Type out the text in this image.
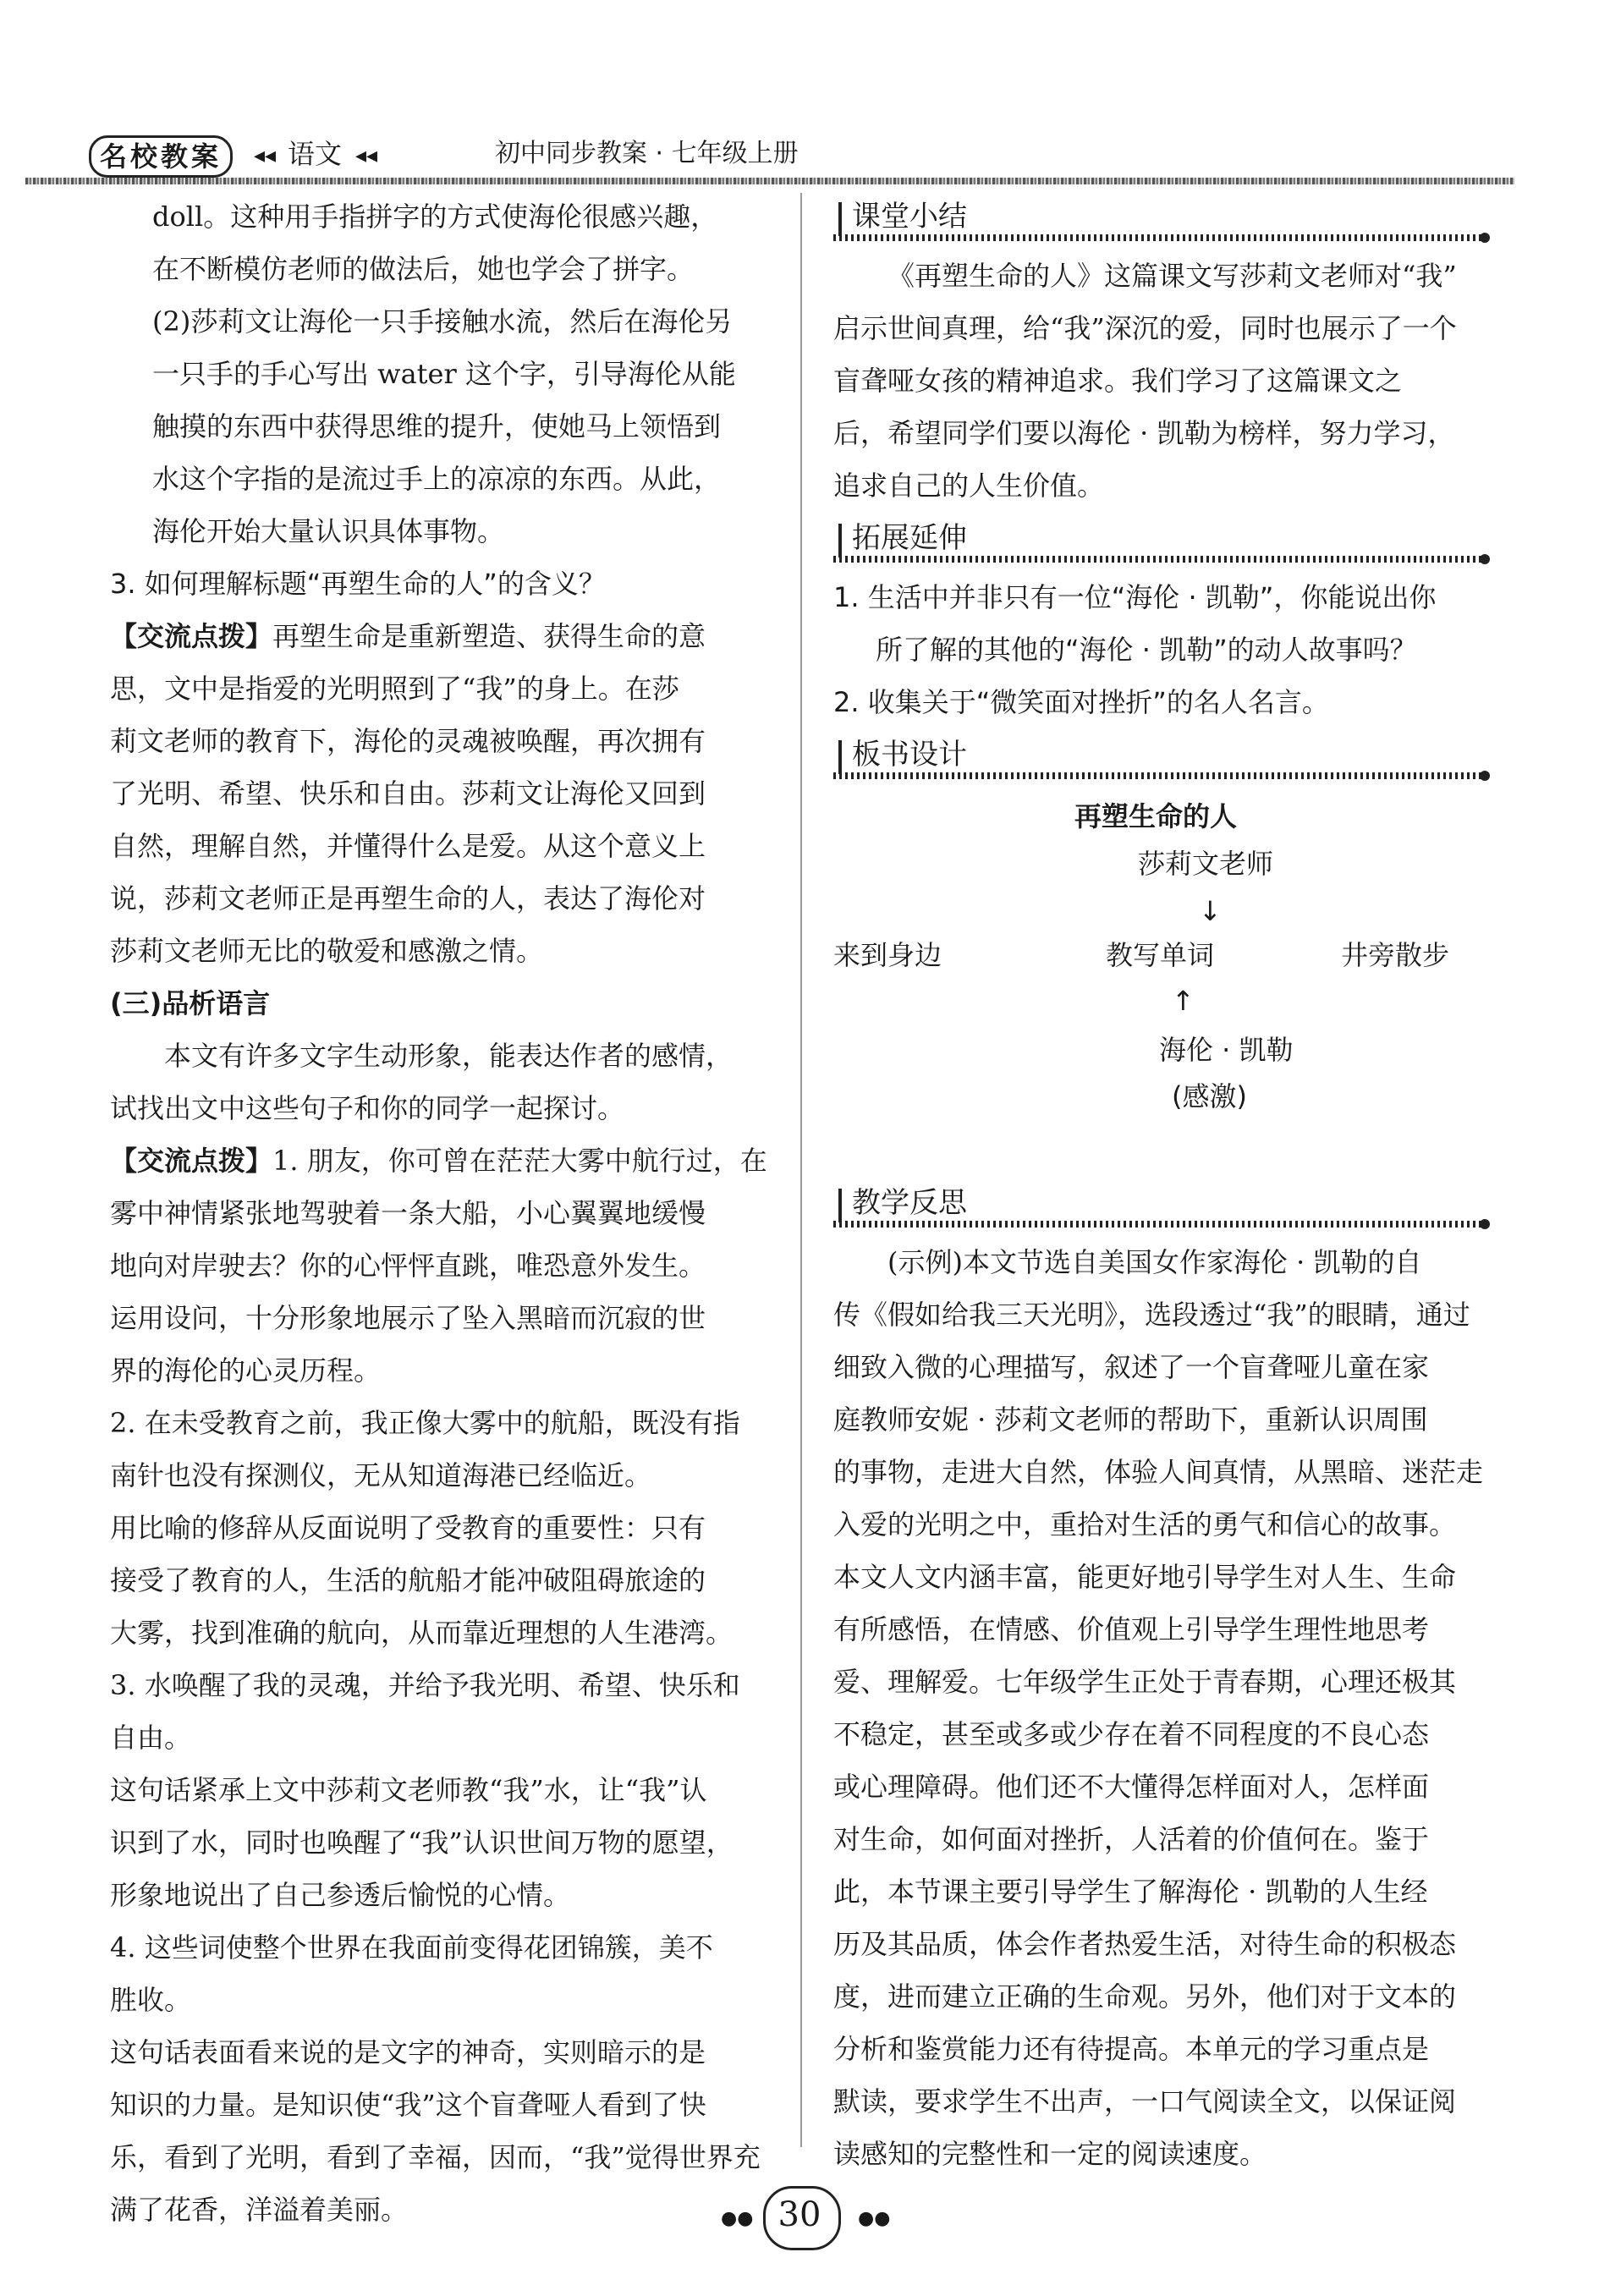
名校教案	◂◂ 语文 ◂◂	初中同步教案 · 七年级上册

doll。这种用手指拼字的方式使海伦很感兴趣，

在不断模仿老师的做法后，她也学会了拼字。

(2)莎莉文让海伦一只手接触水流，然后在海伦另

一只手的手心写出 water 这个字，引导海伦从能

触摸的东西中获得思维的提升，使她马上领悟到

水这个字指的是流过手上的凉凉的东西。从此，

海伦开始大量认识具体事物。

3. 如何理解标题“再塑生命的人”的含义？

【交流点拨】再塑生命是重新塑造、获得生命的意

思，文中是指爱的光明照到了“我”的身上。在莎

莉文老师的教育下，海伦的灵魂被唤醒，再次拥有

了光明、希望、快乐和自由。莎莉文让海伦又回到

自然，理解自然，并懂得什么是爱。从这个意义上

说，莎莉文老师正是再塑生命的人，表达了海伦对

莎莉文老师无比的敬爱和感激之情。

(三)品析语言

本文有许多文字生动形象，能表达作者的感情，

试找出文中这些句子和你的同学一起探讨。

【交流点拨】1. 朋友，你可曾在茫茫大雾中航行过，在

雾中神情紧张地驾驶着一条大船，小心翼翼地缓慢

地向对岸驶去？你的心怦怦直跳，唯恐意外发生。

运用设问，十分形象地展示了坠入黑暗而沉寂的世

界的海伦的心灵历程。

2. 在未受教育之前，我正像大雾中的航船，既没有指

南针也没有探测仪，无从知道海港已经临近。

用比喻的修辞从反面说明了受教育的重要性：只有

接受了教育的人，生活的航船才能冲破阻碍旅途的

大雾，找到准确的航向，从而靠近理想的人生港湾。

3. 水唤醒了我的灵魂，并给予我光明、希望、快乐和

自由。

这句话紧承上文中莎莉文老师教“我”水，让“我”认

识到了水，同时也唤醒了“我”认识世间万物的愿望，

形象地说出了自己参透后愉悦的心情。

4. 这些词使整个世界在我面前变得花团锦簇，美不

胜收。

这句话表面看来说的是文字的神奇，实则暗示的是

知识的力量。是知识使“我”这个盲聋哑人看到了快

乐，看到了光明，看到了幸福，因而，“我”觉得世界充

满了花香，洋溢着美丽。

课堂小结

《再塑生命的人》这篇课文写莎莉文老师对“我”

启示世间真理，给“我”深沉的爱，同时也展示了一个

盲聋哑女孩的精神追求。我们学习了这篇课文之

后，希望同学们要以海伦 · 凯勒为榜样，努力学习，

追求自己的人生价值。

拓展延伸

1. 生活中并非只有一位“海伦 · 凯勒”，你能说出你

所了解的其他的“海伦 · 凯勒”的动人故事吗？

2. 收集关于“微笑面对挫折”的名人名言。

板书设计
再塑生命的人
莎莉文老师
↓
来到身边	教写单词	井旁散步
↑
海伦 · 凯勒
(感激)
教学反思

(示例)本文节选自美国女作家海伦 · 凯勒的自

传《假如给我三天光明》，选段透过“我”的眼睛，通过

细致入微的心理描写，叙述了一个盲聋哑儿童在家

庭教师安妮 · 莎莉文老师的帮助下，重新认识周围

的事物，走进大自然，体验人间真情，从黑暗、迷茫走

入爱的光明之中，重拾对生活的勇气和信心的故事。

本文人文内涵丰富，能更好地引导学生对人生、生命

有所感悟，在情感、价值观上引导学生理性地思考

爱、理解爱。七年级学生正处于青春期，心理还极其

不稳定，甚至或多或少存在着不同程度的不良心态

或心理障碍。他们还不大懂得怎样面对人，怎样面

对生命，如何面对挫折，人活着的价值何在。鉴于

此，本节课主要引导学生了解海伦 · 凯勒的人生经

历及其品质，体会作者热爱生活，对待生命的积极态

度，进而建立正确的生命观。另外，他们对于文本的

分析和鉴赏能力还有待提高。本单元的学习重点是

默读，要求学生不出声，一口气阅读全文，以保证阅

读感知的完整性和一定的阅读速度。

●● 30	●●
